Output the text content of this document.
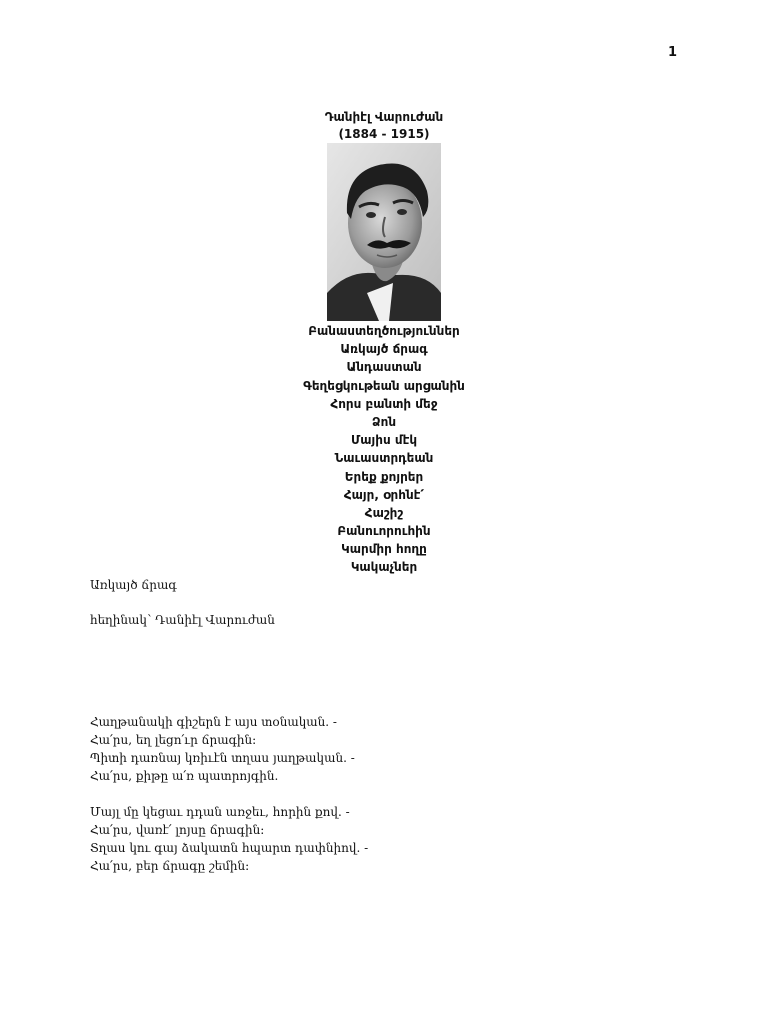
1
Դանիէլ Վարուժան
(1884 - 1915)
Բանաստեղծություններ
Առկայծ ճրագ
Անդաստան
Գեղեցկութեան արցանին
Հորս բանտի մեջ
Ձոն
Մայիս մէկ
Նաւաստրդեան
Երեք քոյրեր
Հայր, օրհնէ՛
Հաշիշ
Բանուորուհին
Կարմիր հողը
Կակաչներ
Առկայծ ճրագ
հեղինակ՝ Դանիէլ Վարուժան
Հաղթանակի գիշերն է այս տօնական. -
Հա՛րս, եղ լեցո՛ւր ճրագին։
Պիտի դառնայ կռիւէն տղաս յաղթական. -
Հա՛րս, քիթը ա՛ռ պատրոյգին.
Մայլ մը կեցաւ դդան առջեւ, հորին քով. -
Հա՛րս, վառէ՛ լոյսը ճրագին։
Տղաս կու գայ ձակատն հպարտ դափնիով. -
Հա՛րս, բեր ճրագը շեմին։
